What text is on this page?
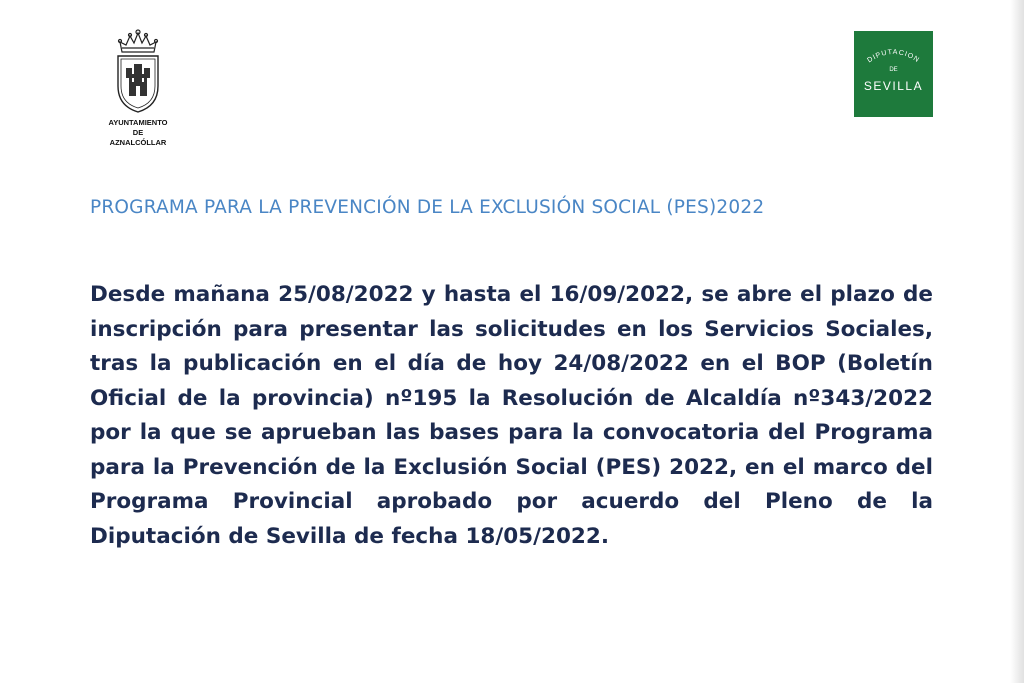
AYUNTAMIENTO
DE
AZNALCÓLLAR
DIPUTACION
DE
SEVILLA
PROGRAMA PARA LA PREVENCIÓN DE LA EXCLUSIÓN SOCIAL (PES)2022
Desde mañana 25/08/2022 y hasta el 16/09/2022, se abre el plazo de inscripción para presentar las solicitudes en los Servicios Sociales, tras la publicación en el día de hoy 24/08/2022 en el BOP (Boletín Oficial de la provincia) nº195 la Resolución de Alcaldía nº343/2022 por la que se aprueban las bases para la convocatoria del Programa para la Prevención de la Exclusión Social (PES) 2022, en el marco del Programa Provincial aprobado por acuerdo del Pleno de la Diputación de Sevilla de fecha 18/05/2022.
